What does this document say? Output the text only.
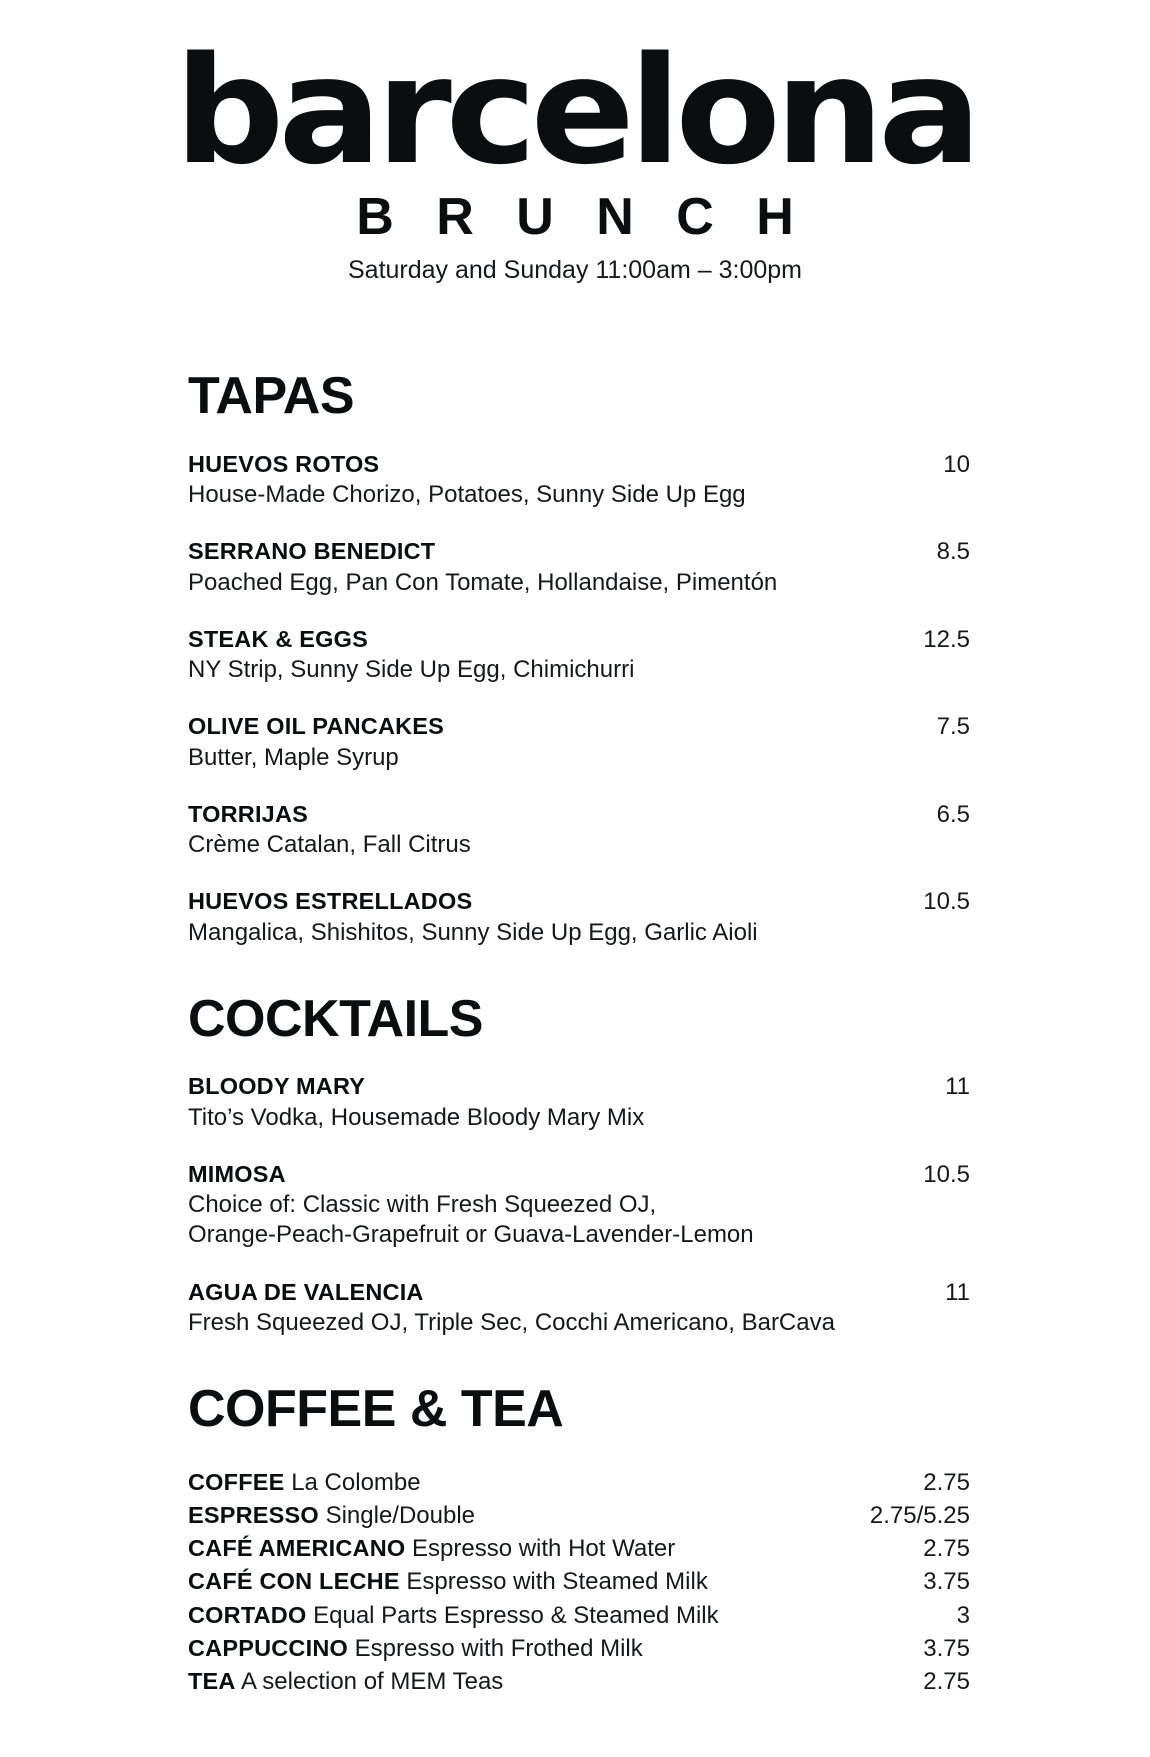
barcelona
B R U N C H
Saturday and Sunday 11:00am – 3:00pm
TAPAS
HUEVOS ROTOS	10
House-Made Chorizo, Potatoes, Sunny Side Up Egg
SERRANO BENEDICT	8.5
Poached Egg, Pan Con Tomate, Hollandaise, Pimentón
STEAK & EGGS	12.5
NY Strip, Sunny Side Up Egg, Chimichurri
OLIVE OIL PANCAKES	7.5
Butter, Maple Syrup
TORRIJAS	6.5
Crème Catalan, Fall Citrus
HUEVOS ESTRELLADOS	10.5
Mangalica, Shishitos, Sunny Side Up Egg, Garlic Aioli
COCKTAILS
BLOODY MARY	11
Tito’s Vodka, Housemade Bloody Mary Mix
MIMOSA	10.5
Choice of: Classic with Fresh Squeezed OJ,
Orange-Peach-Grapefruit or Guava-Lavender-Lemon
AGUA DE VALENCIA	11
Fresh Squeezed OJ, Triple Sec, Cocchi Americano, BarCava
COFFEE & TEA
COFFEE La Colombe	2.75
ESPRESSO Single/Double	2.75/5.25
CAFÉ AMERICANO Espresso with Hot Water	2.75
CAFÉ CON LECHE Espresso with Steamed Milk	3.75
CORTADO Equal Parts Espresso & Steamed Milk	3
CAPPUCCINO Espresso with Frothed Milk	3.75
TEA A selection of MEM Teas	2.75
